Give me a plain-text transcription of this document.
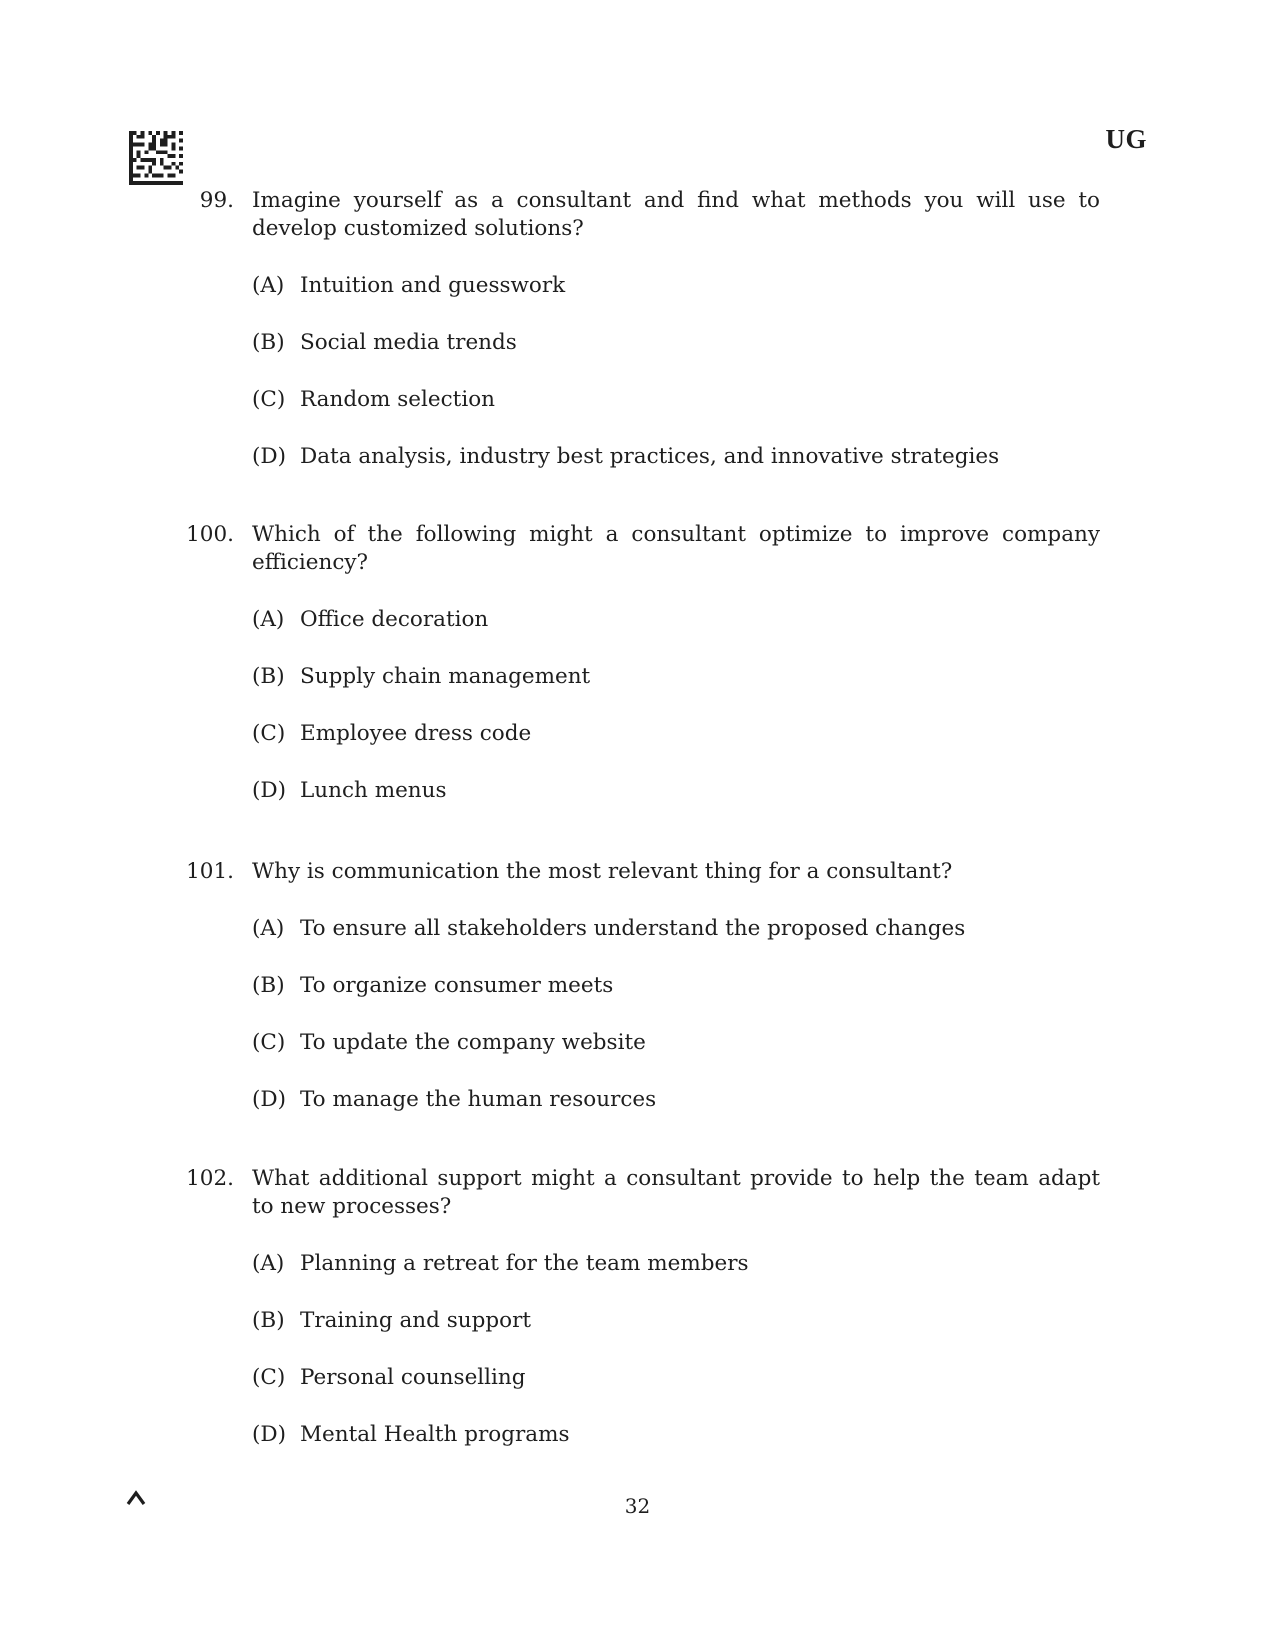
UG
99. Imagine yourself as a consultant and find what methods you will use to develop customized solutions?
(A) Intuition and guesswork
(B) Social media trends
(C) Random selection
(D) Data analysis, industry best practices, and innovative strategies
100. Which of the following might a consultant optimize to improve company efficiency?
(A) Office decoration
(B) Supply chain management
(C) Employee dress code
(D) Lunch menus
101. Why is communication the most relevant thing for a consultant?
(A) To ensure all stakeholders understand the proposed changes
(B) To organize consumer meets
(C) To update the company website
(D) To manage the human resources
102. What additional support might a consultant provide to help the team adapt to new processes?
(A) Planning a retreat for the team members
(B) Training and support
(C) Personal counselling
(D) Mental Health programs
32
